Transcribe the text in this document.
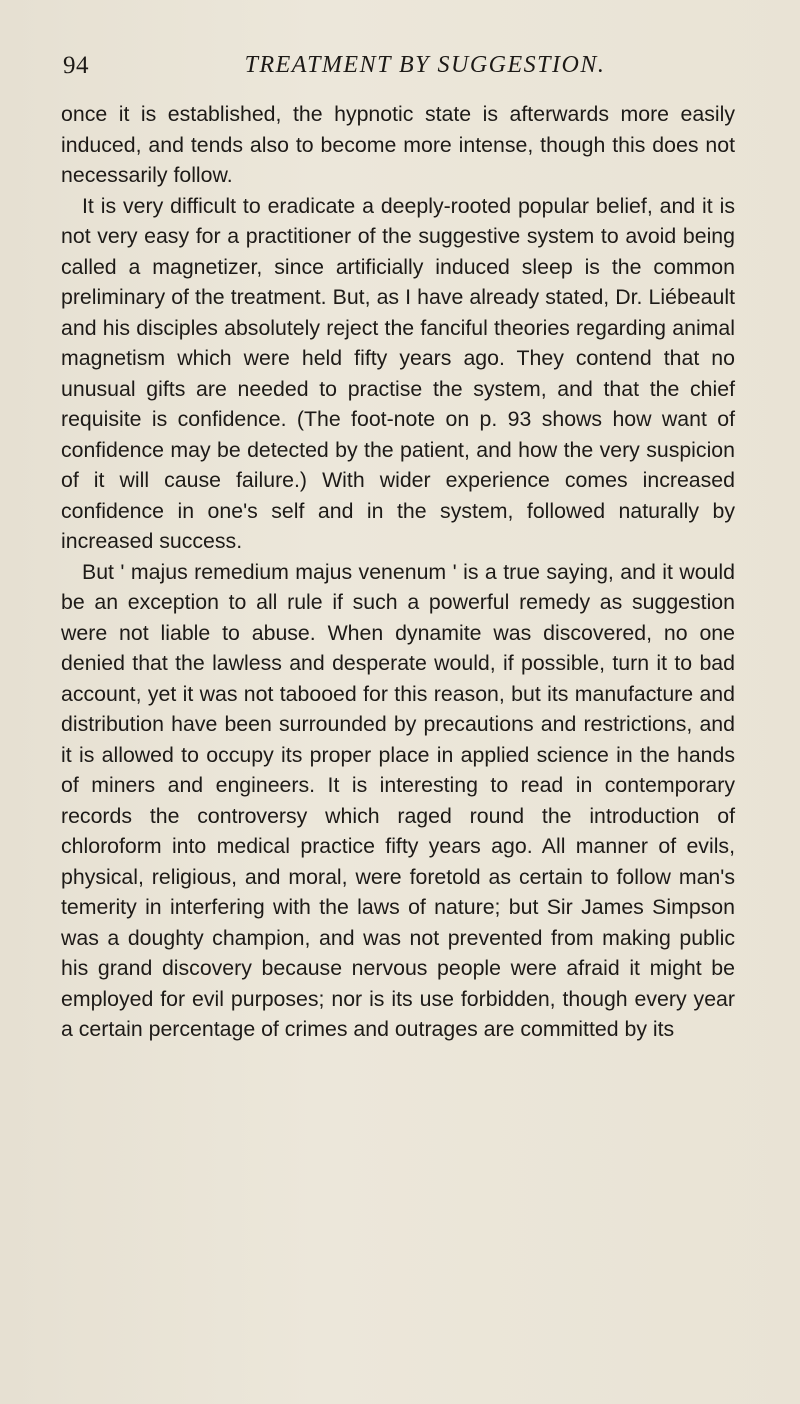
94	TREATMENT BY SUGGESTION.

once it is established, the hypnotic state is afterwards more easily induced, and tends also to become more intense, though this does not necessarily follow.

It is very difficult to eradicate a deeply-rooted popular belief, and it is not very easy for a practitioner of the suggestive system to avoid being called a magnetizer, since artificially induced sleep is the common preliminary of the treatment. But, as I have already stated, Dr. Liébeault and his disciples absolutely reject the fanciful theories regarding animal magnetism which were held fifty years ago. They contend that no unusual gifts are needed to practise the system, and that the chief requisite is confidence. (The foot-note on p. 93 shows how want of confidence may be detected by the patient, and how the very suspicion of it will cause failure.) With wider experience comes increased confidence in one's self and in the system, followed naturally by increased success.

But ' majus remedium majus venenum ' is a true saying, and it would be an exception to all rule if such a powerful remedy as suggestion were not liable to abuse. When dynamite was discovered, no one denied that the lawless and desperate would, if possible, turn it to bad account, yet it was not tabooed for this reason, but its manufacture and distribution have been surrounded by precautions and restrictions, and it is allowed to occupy its proper place in applied science in the hands of miners and engineers. It is interesting to read in contemporary records the controversy which raged round the introduction of chloroform into medical practice fifty years ago. All manner of evils, physical, religious, and moral, were foretold as certain to follow man's temerity in interfering with the laws of nature; but Sir James Simpson was a doughty champion, and was not prevented from making public his grand discovery because nervous people were afraid it might be employed for evil purposes; nor is its use forbidden, though every year a certain percentage of crimes and outrages are committed by its
